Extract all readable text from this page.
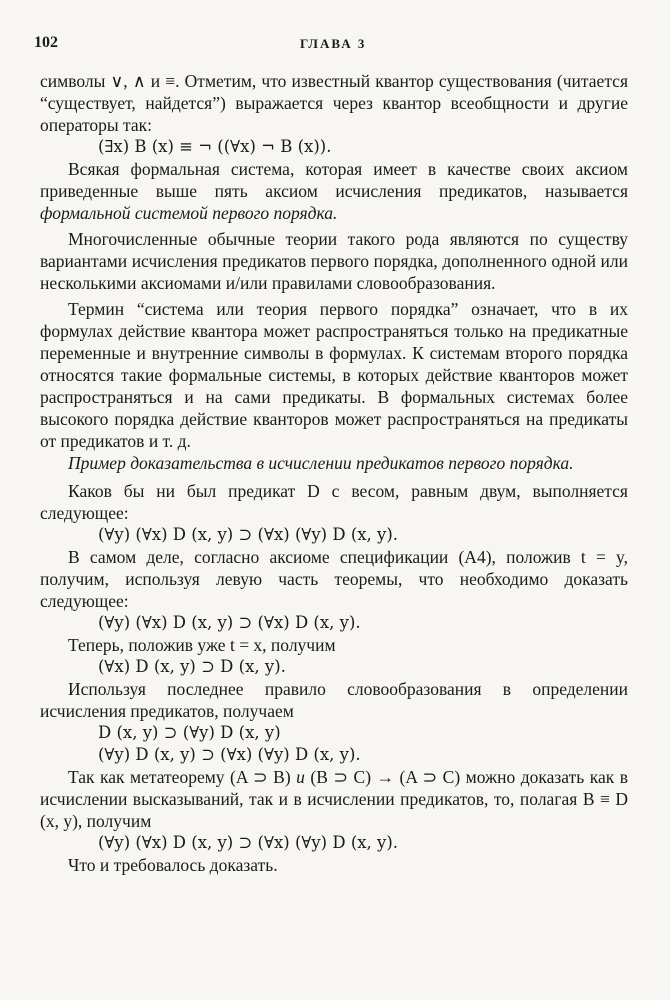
102	ГЛАВА 3

символы ∨, ∧ и ≡. Отметим, что известный квантор существования (читается “существует, найдется”) выражается через квантор всеобщности и другие операторы так:

(∃x) B (x) ≡ ¬ ((∀x) ¬ B (x)).

Всякая формальная система, которая имеет в качестве своих аксиом приведенные выше пять аксиом исчисления предикатов, называется формальной системой первого порядка.

Многочисленные обычные теории такого рода являются по существу вариантами исчисления предикатов первого порядка, дополненного одной или несколькими аксиомами и/или правилами словообразования.

Термин “система или теория первого порядка” означает, что в их формулах действие квантора может распространяться только на предикатные переменные и внутренние символы в формулах. К системам второго порядка относятся такие формальные системы, в которых действие кванторов может распространяться и на сами предикаты. В формальных системах более высокого порядка действие кванторов может распространяться на предикаты от предикатов и т. д.

Пример доказательства в исчислении предикатов первого порядка.

Каков бы ни был предикат D с весом, равным двум, выполняется следующее:

(∀y) (∀x) D (x, y) ⊃ (∀x) (∀y) D (x, y).

В самом деле, согласно аксиоме спецификации (A4), положив t = y, получим, используя левую часть теоремы, что необходимо доказать следующее:

(∀y) (∀x) D (x, y) ⊃ (∀x) D (x, y).

Теперь, положив уже t = x, получим

(∀x) D (x, y) ⊃ D (x, y).

Используя последнее правило словообразования в определении исчисления предикатов, получаем

D (x, y) ⊃ (∀y) D (x, y)

(∀y) D (x, y) ⊃ (∀x) (∀y) D (x, y).

Так как метатеорему (A ⊃ B) и (B ⊃ C) → (A ⊃ C) можно доказать как в исчислении высказываний, так и в исчислении предикатов, то, полагая B ≡ D (x, y), получим

(∀y) (∀x) D (x, y) ⊃ (∀x) (∀y) D (x, y).

Что и требовалось доказать.
